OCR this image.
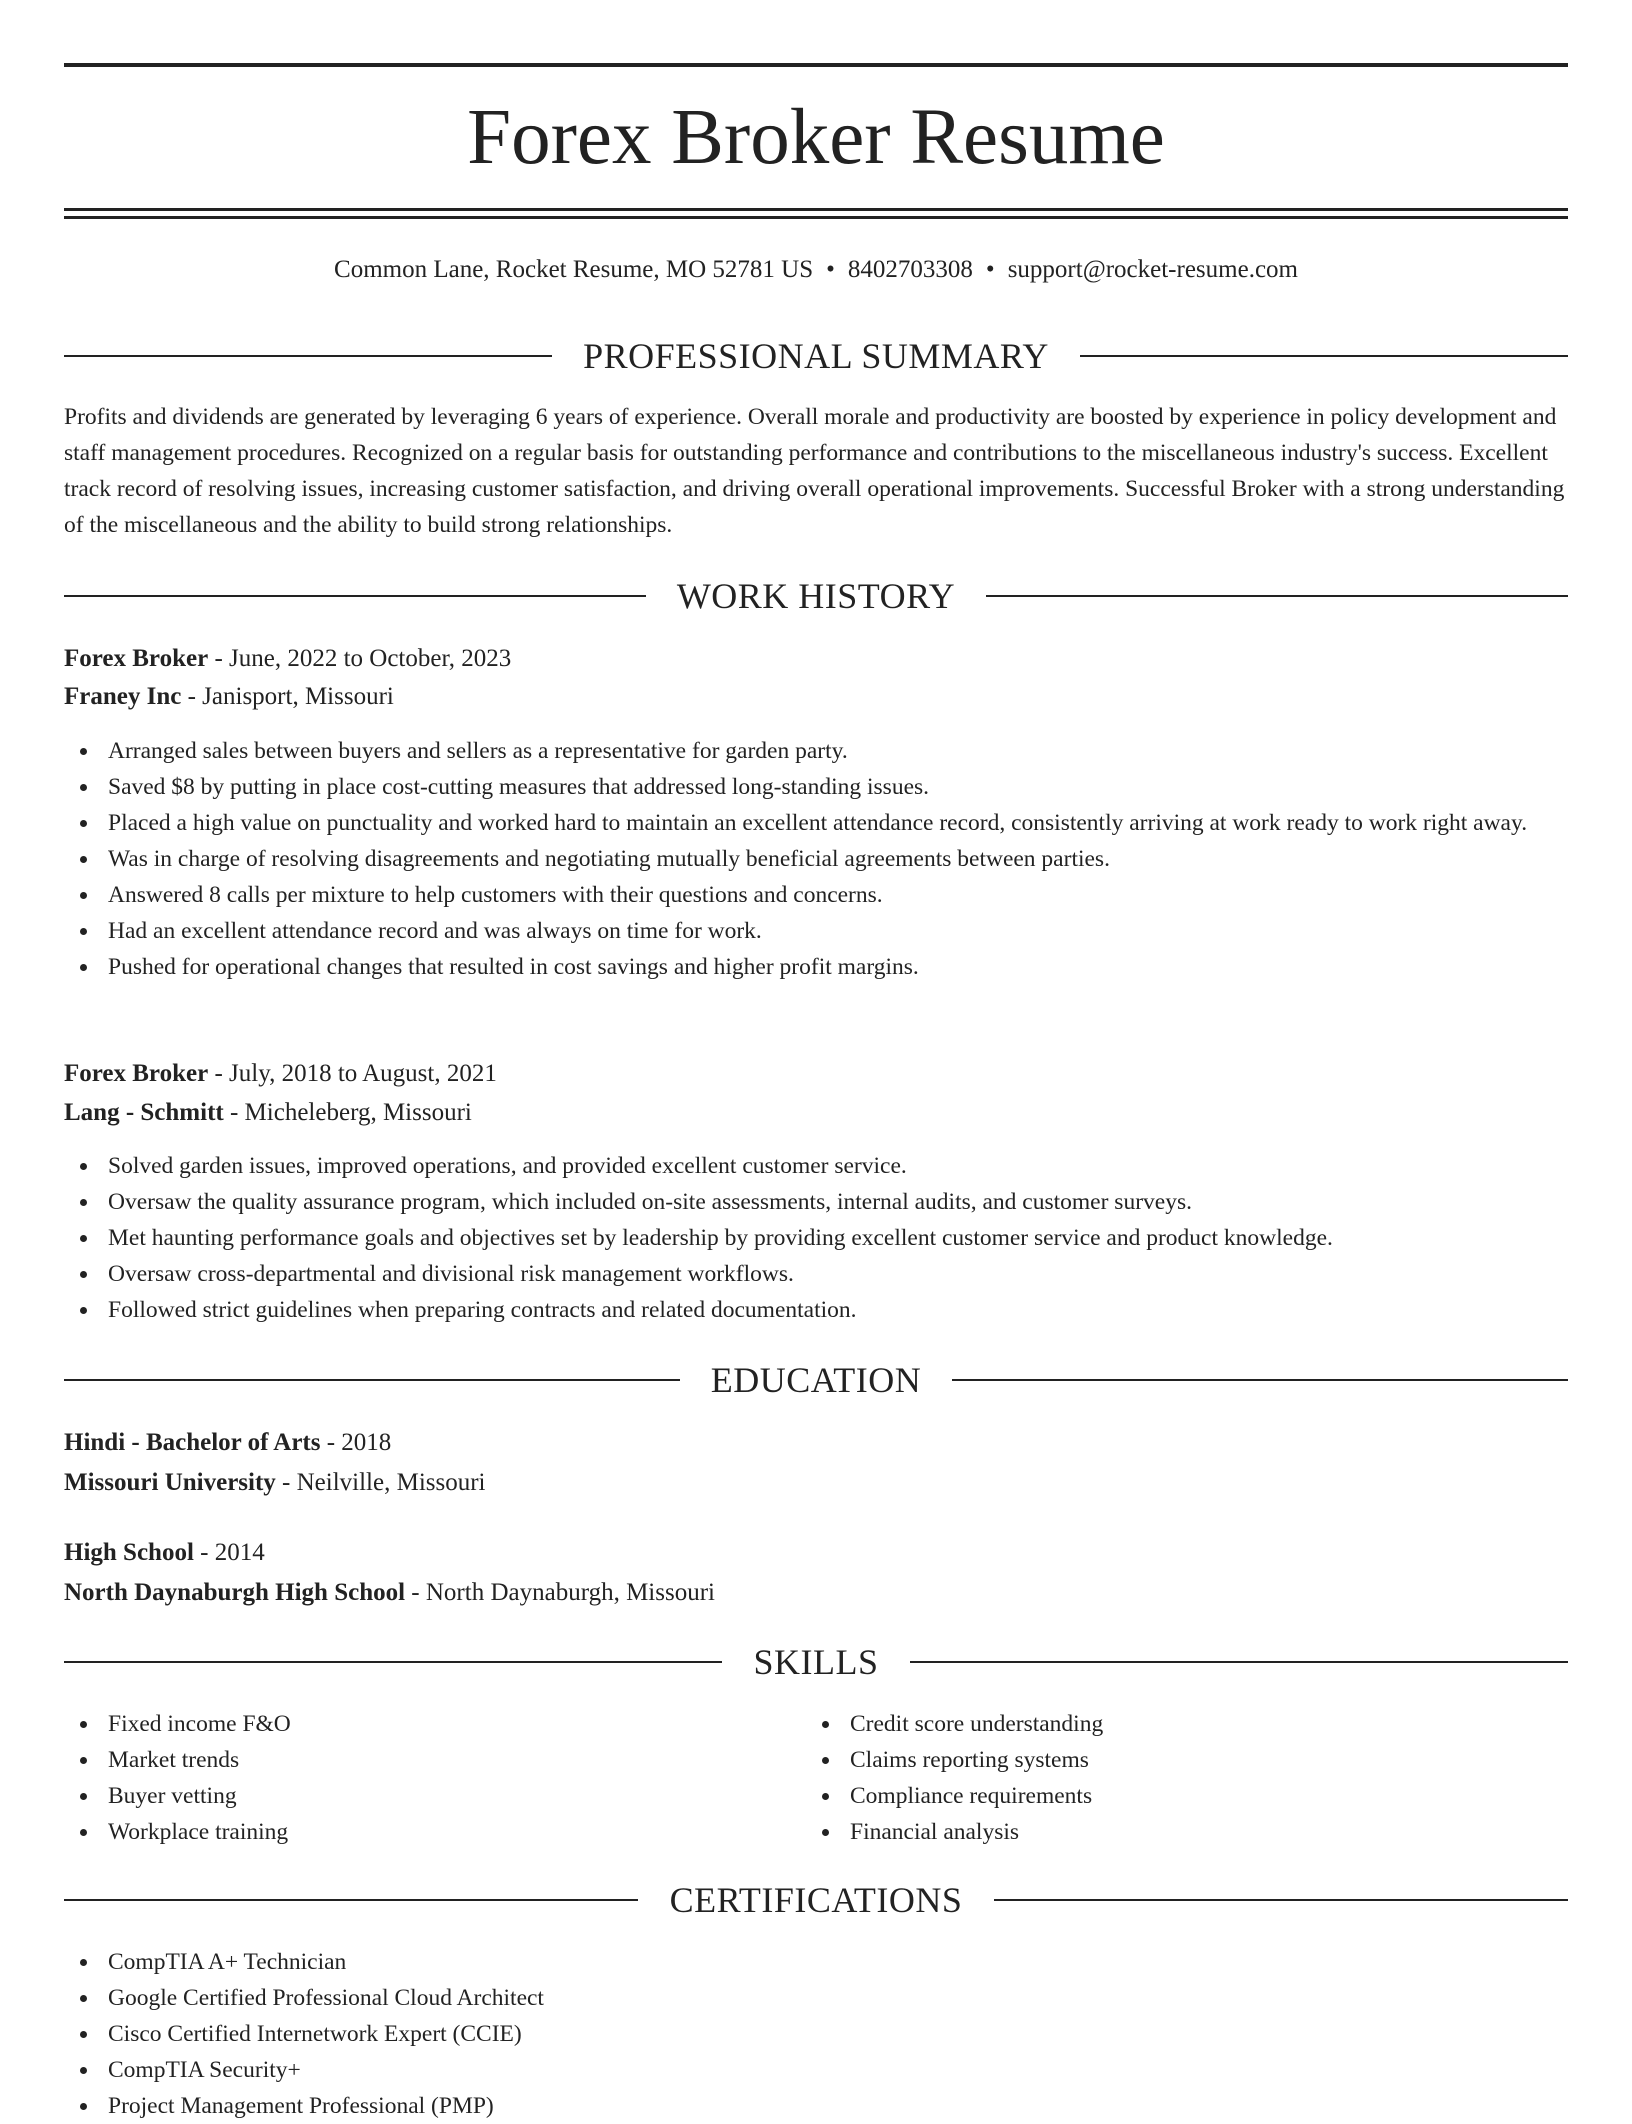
Forex Broker Resume
Common Lane, Rocket Resume, MO 52781 US • 8402703308 • support@rocket-resume.com
PROFESSIONAL SUMMARY
Profits and dividends are generated by leveraging 6 years of experience. Overall morale and productivity are boosted by experience in policy development and staff management procedures. Recognized on a regular basis for outstanding performance and contributions to the miscellaneous industry's success. Excellent track record of resolving issues, increasing customer satisfaction, and driving overall operational improvements. Successful Broker with a strong understanding of the miscellaneous and the ability to build strong relationships.
WORK HISTORY
Forex Broker - June, 2022 to October, 2023
Franey Inc - Janisport, Missouri
Arranged sales between buyers and sellers as a representative for garden party.
Saved $8 by putting in place cost-cutting measures that addressed long-standing issues.
Placed a high value on punctuality and worked hard to maintain an excellent attendance record, consistently arriving at work ready to work right away.
Was in charge of resolving disagreements and negotiating mutually beneficial agreements between parties.
Answered 8 calls per mixture to help customers with their questions and concerns.
Had an excellent attendance record and was always on time for work.
Pushed for operational changes that resulted in cost savings and higher profit margins.
Forex Broker - July, 2018 to August, 2021
Lang - Schmitt - Micheleberg, Missouri
Solved garden issues, improved operations, and provided excellent customer service.
Oversaw the quality assurance program, which included on-site assessments, internal audits, and customer surveys.
Met haunting performance goals and objectives set by leadership by providing excellent customer service and product knowledge.
Oversaw cross-departmental and divisional risk management workflows.
Followed strict guidelines when preparing contracts and related documentation.
EDUCATION
Hindi - Bachelor of Arts - 2018
Missouri University - Neilville, Missouri
High School - 2014
North Daynaburgh High School - North Daynaburgh, Missouri
SKILLS
Fixed income F&O
Market trends
Buyer vetting
Workplace training
Credit score understanding
Claims reporting systems
Compliance requirements
Financial analysis
CERTIFICATIONS
CompTIA A+ Technician
Google Certified Professional Cloud Architect
Cisco Certified Internetwork Expert (CCIE)
CompTIA Security+
Project Management Professional (PMP)
